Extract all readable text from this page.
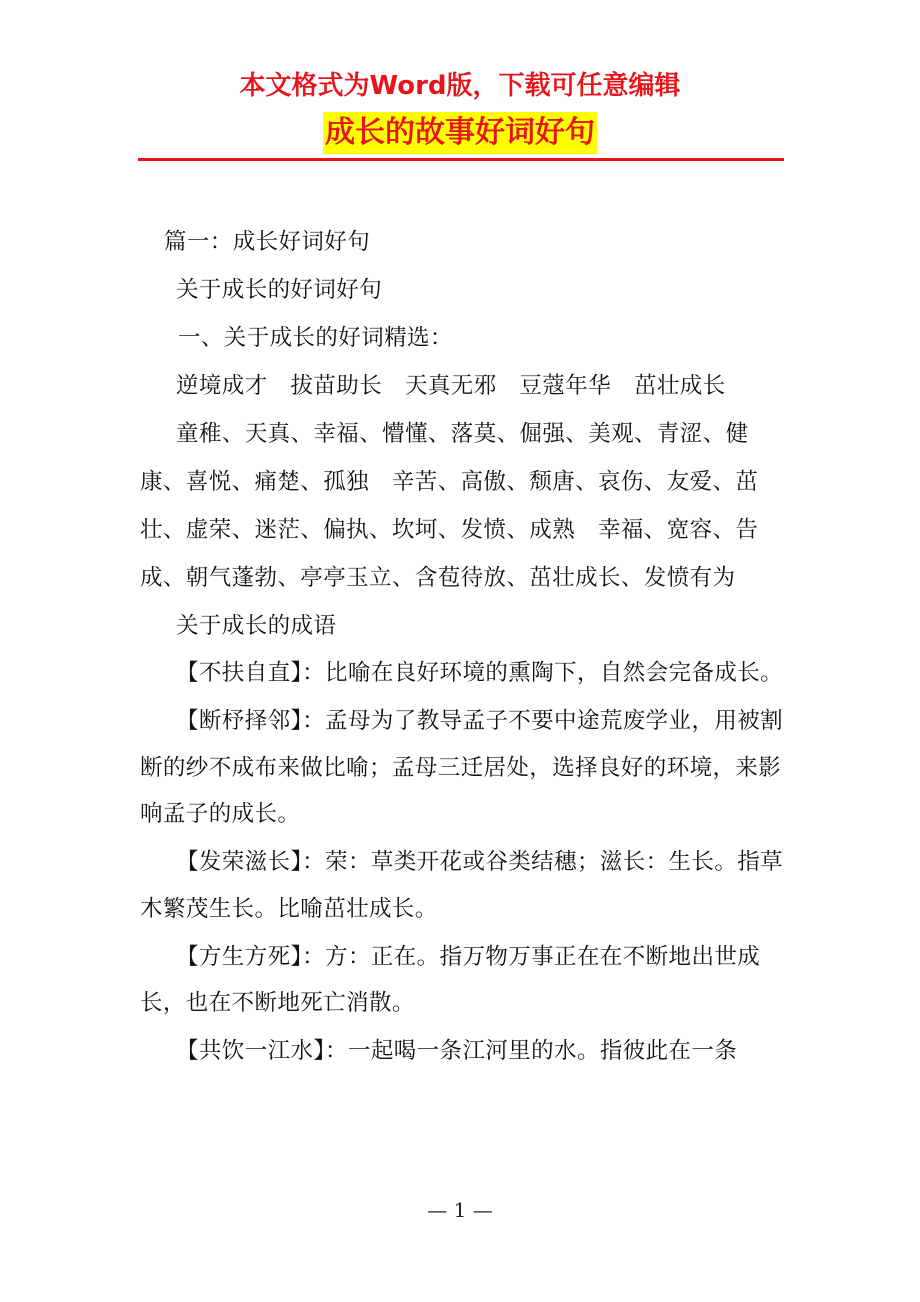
本文格式为Word版，下载可任意编辑
成长的故事好词好句

篇一：成长好词好句

关于成长的好词好句

一、关于成长的好词精选：

逆境成才　拔苗助长　天真无邪　豆蔻年华　茁壮成长

童稚、天真、幸福、懵懂、落莫、倔强、美观、青涩、健康、喜悦、痛楚、孤独　辛苦、高傲、颓唐、哀伤、友爱、茁壮、虚荣、迷茫、偏执、坎坷、发愤、成熟　幸福、宽容、告成、朝气蓬勃、亭亭玉立、含苞待放、茁壮成长、发愤有为

关于成长的成语

【不扶自直】：比喻在良好环境的熏陶下，自然会完备成长。

【断杼择邻】：孟母为了教导孟子不要中途荒废学业，用被割断的纱不成布来做比喻；孟母三迁居处，选择良好的环境，来影响孟子的成长。

【发荣滋长】：荣：草类开花或谷类结穗；滋长：生长。指草木繁茂生长。比喻茁壮成长。

【方生方死】：方：正在。指万物万事正在在不断地出世成长，也在不断地死亡消散。

【共饮一江水】：一起喝一条江河里的水。指彼此在一条

— 1 —
